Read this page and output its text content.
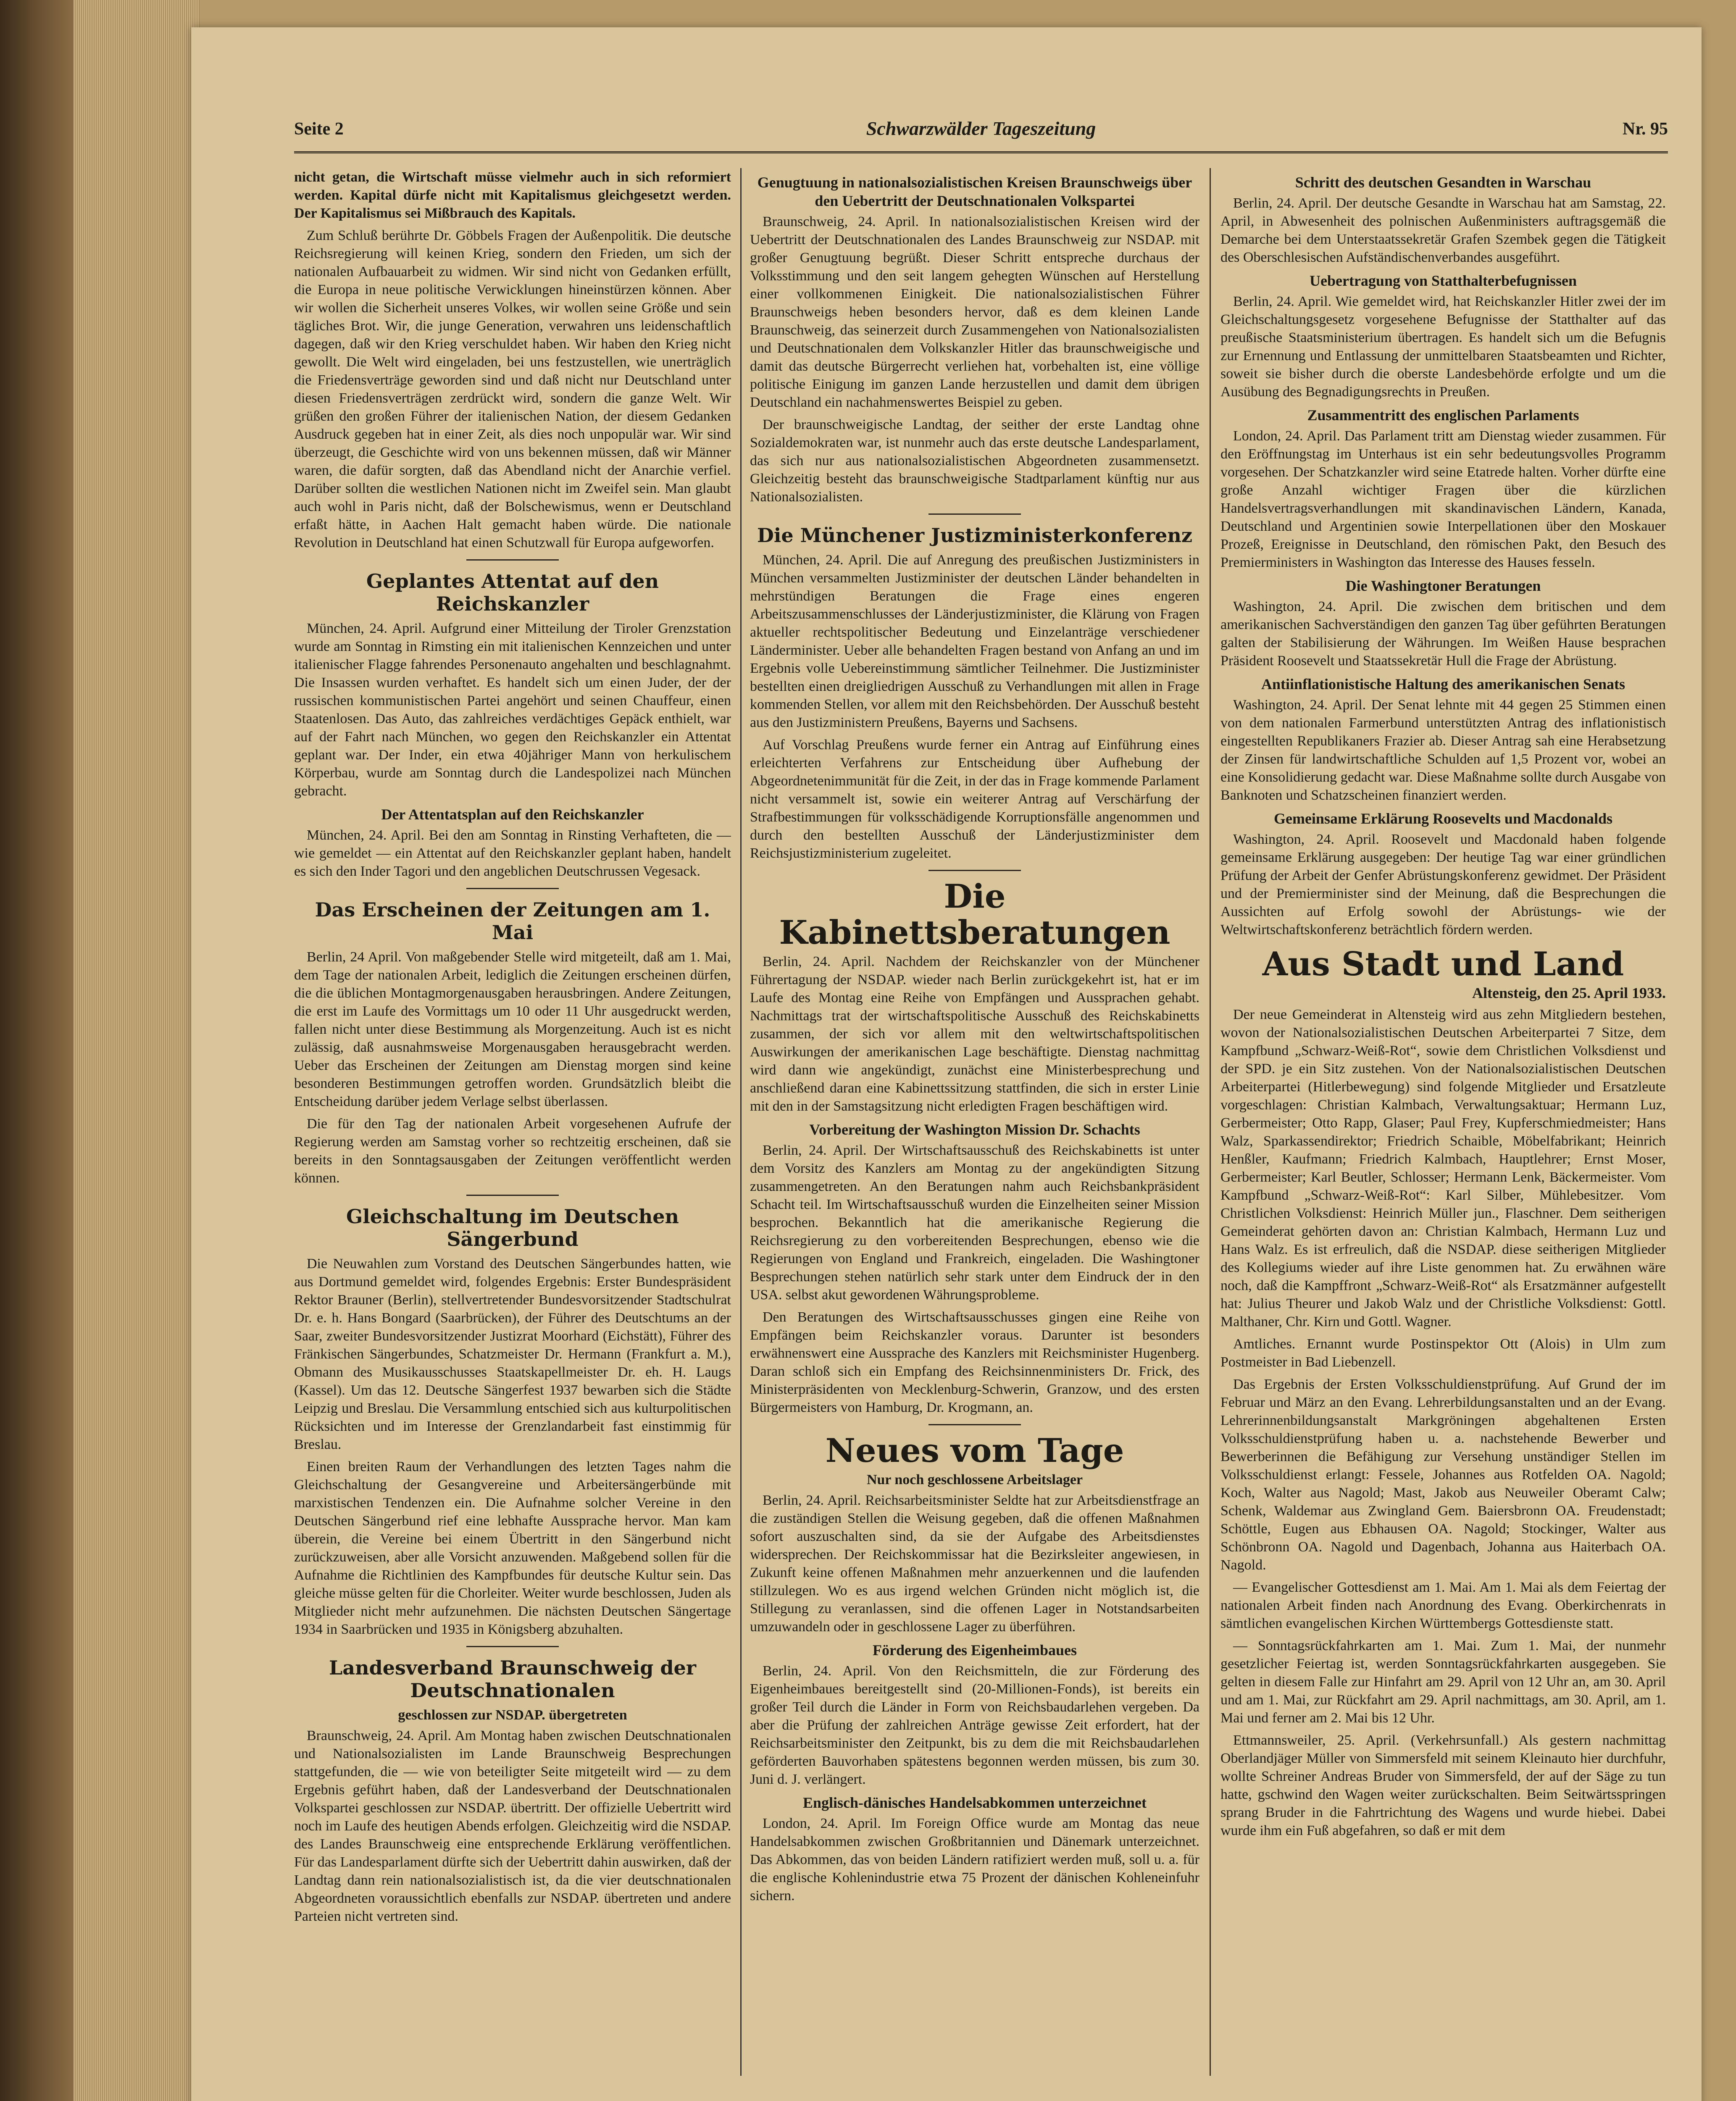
Seite 2	Schwarzwälder Tageszeitung	Nr. 95

nicht getan, die Wirtschaft müsse vielmehr auch in sich reformiert werden. Kapital dürfe nicht mit Kapitalismus gleichgesetzt werden. Der Kapitalismus sei Mißbrauch des Kapitals.

Zum Schluß berührte Dr. Göbbels Fragen der Außenpolitik. Die deutsche Reichsregierung will keinen Krieg, sondern den Frieden, um sich der nationalen Aufbauarbeit zu widmen. Wir sind nicht von Gedanken erfüllt, die Europa in neue politische Verwicklungen hineinstürzen können. Aber wir wollen die Sicherheit unseres Volkes, wir wollen seine Größe und sein tägliches Brot. Wir, die junge Generation, verwahren uns leidenschaftlich dagegen, daß wir den Krieg verschuldet haben. Wir haben den Krieg nicht gewollt. Die Welt wird eingeladen, bei uns festzustellen, wie unerträglich die Friedensverträge geworden sind und daß nicht nur Deutschland unter diesen Friedensverträgen zerdrückt wird, sondern die ganze Welt. Wir grüßen den großen Führer der italienischen Nation, der diesem Gedanken Ausdruck gegeben hat in einer Zeit, als dies noch unpopulär war. Wir sind überzeugt, die Geschichte wird von uns bekennen müssen, daß wir Männer waren, die dafür sorgten, daß das Abendland nicht der Anarchie verfiel. Darüber sollten die westlichen Nationen nicht im Zweifel sein. Man glaubt auch wohl in Paris nicht, daß der Bolschewismus, wenn er Deutschland erfaßt hätte, in Aachen Halt gemacht haben würde. Die nationale Revolution in Deutschland hat einen Schutzwall für Europa aufgeworfen.

Geplantes Attentat auf den Reichskanzler

München, 24. April. Aufgrund einer Mitteilung der Tiroler Grenzstation wurde am Sonntag in Rimsting ein mit italienischen Kennzeichen und unter italienischer Flagge fahrendes Personenauto angehalten und beschlagnahmt. Die Insassen wurden verhaftet. Es handelt sich um einen Juder, der der russischen kommunistischen Partei angehört und seinen Chauffeur, einen Staatenlosen. Das Auto, das zahlreiches verdächtiges Gepäck enthielt, war auf der Fahrt nach München, wo gegen den Reichskanzler ein Attentat geplant war. Der Inder, ein etwa 40jähriger Mann von herkulischem Körperbau, wurde am Sonntag durch die Landespolizei nach München gebracht.

Der Attentatsplan auf den Reichskanzler

München, 24. April. Bei den am Sonntag in Rinsting Verhafteten, die — wie gemeldet — ein Attentat auf den Reichskanzler geplant haben, handelt es sich den Inder Tagori und den angeblichen Deutschrussen Vegesack.

Das Erscheinen der Zeitungen am 1. Mai

Berlin, 24 April. Von maßgebender Stelle wird mitgeteilt, daß am 1. Mai, dem Tage der nationalen Arbeit, lediglich die Zeitungen erscheinen dürfen, die die üblichen Montagmorgenausgaben herausbringen. Andere Zeitungen, die erst im Laufe des Vormittags um 10 oder 11 Uhr ausgedruckt werden, fallen nicht unter diese Bestimmung als Morgenzeitung. Auch ist es nicht zulässig, daß ausnahmsweise Morgenausgaben herausgebracht werden. Ueber das Erscheinen der Zeitungen am Dienstag morgen sind keine besonderen Bestimmungen getroffen worden. Grundsätzlich bleibt die Entscheidung darüber jedem Verlage selbst überlassen.

Die für den Tag der nationalen Arbeit vorgesehenen Aufrufe der Regierung werden am Samstag vorher so rechtzeitig erscheinen, daß sie bereits in den Sonntagsausgaben der Zeitungen veröffentlicht werden können.

Gleichschaltung im Deutschen Sängerbund

Die Neuwahlen zum Vorstand des Deutschen Sängerbundes hatten, wie aus Dortmund gemeldet wird, folgendes Ergebnis: Erster Bundespräsident Rektor Brauner (Berlin), stellvertretender Bundesvorsitzender Stadtschulrat Dr. e. h. Hans Bongard (Saarbrücken), der Führer des Deutschtums an der Saar, zweiter Bundesvorsitzender Justizrat Moorhard (Eichstätt), Führer des Fränkischen Sängerbundes, Schatzmeister Dr. Hermann (Frankfurt a. M.), Obmann des Musikausschusses Staatskapellmeister Dr. eh. H. Laugs (Kassel). Um das 12. Deutsche Sängerfest 1937 bewarben sich die Städte Leipzig und Breslau. Die Versammlung entschied sich aus kulturpolitischen Rücksichten und im Interesse der Grenzlandarbeit fast einstimmig für Breslau.

Einen breiten Raum der Verhandlungen des letzten Tages nahm die Gleichschaltung der Gesangvereine und Arbeitersängerbünde mit marxistischen Tendenzen ein. Die Aufnahme solcher Vereine in den Deutschen Sängerbund rief eine lebhafte Aussprache hervor. Man kam überein, die Vereine bei einem Übertritt in den Sängerbund nicht zurückzuweisen, aber alle Vorsicht anzuwenden. Maßgebend sollen für die Aufnahme die Richtlinien des Kampfbundes für deutsche Kultur sein. Das gleiche müsse gelten für die Chorleiter. Weiter wurde beschlossen, Juden als Mitglieder nicht mehr aufzunehmen. Die nächsten Deutschen Sängertage 1934 in Saarbrücken und 1935 in Königsberg abzuhalten.

Landesverband Braunschweig der Deutschnationalen
geschlossen zur NSDAP. übergetreten

Braunschweig, 24. April. Am Montag haben zwischen Deutschnationalen und Nationalsozialisten im Lande Braunschweig Besprechungen stattgefunden, die — wie von beteiligter Seite mitgeteilt wird — zu dem Ergebnis geführt haben, daß der Landesverband der Deutschnationalen Volkspartei geschlossen zur NSDAP. übertritt. Der offizielle Uebertritt wird noch im Laufe des heutigen Abends erfolgen. Gleichzeitig wird die NSDAP. des Landes Braunschweig eine entsprechende Erklärung veröffentlichen. Für das Landesparlament dürfte sich der Uebertritt dahin auswirken, daß der Landtag dann rein nationalsozialistisch ist, da die vier deutschnationalen Abgeordneten voraussichtlich ebenfalls zur NSDAP. übertreten und andere Parteien nicht vertreten sind.

Genugtuung in nationalsozialistischen Kreisen Braunschweigs über den Uebertritt der Deutschnationalen Volkspartei

Braunschweig, 24. April. In nationalsozialistischen Kreisen wird der Uebertritt der Deutschnationalen des Landes Braunschweig zur NSDAP. mit großer Genugtuung begrüßt. Dieser Schritt entspreche durchaus der Volksstimmung und den seit langem gehegten Wünschen auf Herstellung einer vollkommenen Einigkeit. Die nationalsozialistischen Führer Braunschweigs heben besonders hervor, daß es dem kleinen Lande Braunschweig, das seinerzeit durch Zusammengehen von Nationalsozialisten und Deutschnationalen dem Volkskanzler Hitler das braunschweigische und damit das deutsche Bürgerrecht verliehen hat, vorbehalten ist, eine völlige politische Einigung im ganzen Lande herzustellen und damit dem übrigen Deutschland ein nachahmenswertes Beispiel zu geben.

Der braunschweigische Landtag, der seither der erste Landtag ohne Sozialdemokraten war, ist nunmehr auch das erste deutsche Landesparlament, das sich nur aus nationalsozialistischen Abgeordneten zusammensetzt. Gleichzeitig besteht das braunschweigische Stadtparlament künftig nur aus Nationalsozialisten.

Die Münchener Justizministerkonferenz

München, 24. April. Die auf Anregung des preußischen Justizministers in München versammelten Justizminister der deutschen Länder behandelten in mehrstündigen Beratungen die Frage eines engeren Arbeitszusammenschlusses der Länderjustizminister, die Klärung von Fragen aktueller rechtspolitischer Bedeutung und Einzelanträge verschiedener Länderminister. Ueber alle behandelten Fragen bestand von Anfang an und im Ergebnis volle Uebereinstimmung sämtlicher Teilnehmer. Die Justizminister bestellten einen dreigliedrigen Ausschuß zu Verhandlungen mit allen in Frage kommenden Stellen, vor allem mit den Reichsbehörden. Der Ausschuß besteht aus den Justizministern Preußens, Bayerns und Sachsens.

Auf Vorschlag Preußens wurde ferner ein Antrag auf Einführung eines erleichterten Verfahrens zur Entscheidung über Aufhebung der Abgeordnetenimmunität für die Zeit, in der das in Frage kommende Parlament nicht versammelt ist, sowie ein weiterer Antrag auf Verschärfung der Strafbestimmungen für volksschädigende Korruptionsfälle angenommen und durch den bestellten Ausschuß der Länderjustizminister dem Reichsjustizministerium zugeleitet.

Die Kabinettsberatungen

Berlin, 24. April. Nachdem der Reichskanzler von der Münchener Führertagung der NSDAP. wieder nach Berlin zurückgekehrt ist, hat er im Laufe des Montag eine Reihe von Empfängen und Aussprachen gehabt. Nachmittags trat der wirtschaftspolitische Ausschuß des Reichskabinetts zusammen, der sich vor allem mit den weltwirtschaftspolitischen Auswirkungen der amerikanischen Lage beschäftigte. Dienstag nachmittag wird dann wie angekündigt, zunächst eine Ministerbesprechung und anschließend daran eine Kabinettssitzung stattfinden, die sich in erster Linie mit den in der Samstagsitzung nicht erledigten Fragen beschäftigen wird.

Vorbereitung der Washington Mission Dr. Schachts

Berlin, 24. April. Der Wirtschaftsausschuß des Reichskabinetts ist unter dem Vorsitz des Kanzlers am Montag zu der angekündigten Sitzung zusammengetreten. An den Beratungen nahm auch Reichsbankpräsident Schacht teil. Im Wirtschaftsausschuß wurden die Einzelheiten seiner Mission besprochen. Bekanntlich hat die amerikanische Regierung die Reichsregierung zu den vorbereitenden Besprechungen, ebenso wie die Regierungen von England und Frankreich, eingeladen. Die Washingtoner Besprechungen stehen natürlich sehr stark unter dem Eindruck der in den USA. selbst akut gewordenen Währungsprobleme.

Den Beratungen des Wirtschaftsausschusses gingen eine Reihe von Empfängen beim Reichskanzler voraus. Darunter ist besonders erwähnenswert eine Aussprache des Kanzlers mit Reichsminister Hugenberg. Daran schloß sich ein Empfang des Reichsinnenministers Dr. Frick, des Ministerpräsidenten von Mecklenburg-Schwerin, Granzow, und des ersten Bürgermeisters von Hamburg, Dr. Krogmann, an.

Neues vom Tage
Nur noch geschlossene Arbeitslager

Berlin, 24. April. Reichsarbeitsminister Seldte hat zur Arbeitsdienstfrage an die zuständigen Stellen die Weisung gegeben, daß die offenen Maßnahmen sofort auszuschalten sind, da sie der Aufgabe des Arbeitsdienstes widersprechen. Der Reichskommissar hat die Bezirksleiter angewiesen, in Zukunft keine offenen Maßnahmen mehr anzuerkennen und die laufenden stillzulegen. Wo es aus irgend welchen Gründen nicht möglich ist, die Stillegung zu veranlassen, sind die offenen Lager in Notstandsarbeiten umzuwandeln oder in geschlossene Lager zu überführen.

Förderung des Eigenheimbaues

Berlin, 24. April. Von den Reichsmitteln, die zur Förderung des Eigenheimbaues bereitgestellt sind (20-Millionen-Fonds), ist bereits ein großer Teil durch die Länder in Form von Reichsbaudarlehen vergeben. Da aber die Prüfung der zahlreichen Anträge gewisse Zeit erfordert, hat der Reichsarbeitsminister den Zeitpunkt, bis zu dem die mit Reichsbaudarlehen geförderten Bauvorhaben spätestens begonnen werden müssen, bis zum 30. Juni d. J. verlängert.

Englisch-dänisches Handelsabkommen unterzeichnet

London, 24. April. Im Foreign Office wurde am Montag das neue Handelsabkommen zwischen Großbritannien und Dänemark unterzeichnet. Das Abkommen, das von beiden Ländern ratifiziert werden muß, soll u. a. für die englische Kohlenindustrie etwa 75 Prozent der dänischen Kohleneinfuhr sichern.

Schritt des deutschen Gesandten in Warschau

Berlin, 24. April. Der deutsche Gesandte in Warschau hat am Samstag, 22. April, in Abwesenheit des polnischen Außenministers auftragsgemäß die Demarche bei dem Unterstaatssekretär Grafen Szembek gegen die Tätigkeit des Oberschlesischen Aufständischenverbandes ausgeführt.

Uebertragung von Statthalterbefugnissen

Berlin, 24. April. Wie gemeldet wird, hat Reichskanzler Hitler zwei der im Gleichschaltungsgesetz vorgesehene Befugnisse der Statthalter auf das preußische Staatsministerium übertragen. Es handelt sich um die Befugnis zur Ernennung und Entlassung der unmittelbaren Staatsbeamten und Richter, soweit sie bisher durch die oberste Landesbehörde erfolgte und um die Ausübung des Begnadigungsrechts in Preußen.

Zusammentritt des englischen Parlaments

London, 24. April. Das Parlament tritt am Dienstag wieder zusammen. Für den Eröffnungstag im Unterhaus ist ein sehr bedeutungsvolles Programm vorgesehen. Der Schatzkanzler wird seine Etatrede halten. Vorher dürfte eine große Anzahl wichtiger Fragen über die kürzlichen Handelsvertragsverhandlungen mit skandinavischen Ländern, Kanada, Deutschland und Argentinien sowie Interpellationen über den Moskauer Prozeß, Ereignisse in Deutschland, den römischen Pakt, den Besuch des Premierministers in Washington das Interesse des Hauses fesseln.

Die Washingtoner Beratungen

Washington, 24. April. Die zwischen dem britischen und dem amerikanischen Sachverständigen den ganzen Tag über geführten Beratungen galten der Stabilisierung der Währungen. Im Weißen Hause besprachen Präsident Roosevelt und Staatssekretär Hull die Frage der Abrüstung.

Antiinflationistische Haltung des amerikanischen Senats

Washington, 24. April. Der Senat lehnte mit 44 gegen 25 Stimmen einen von dem nationalen Farmerbund unterstützten Antrag des inflationistisch eingestellten Republikaners Frazier ab. Dieser Antrag sah eine Herabsetzung der Zinsen für landwirtschaftliche Schulden auf 1,5 Prozent vor, wobei an eine Konsolidierung gedacht war. Diese Maßnahme sollte durch Ausgabe von Banknoten und Schatzscheinen finanziert werden.

Gemeinsame Erklärung Roosevelts und Macdonalds

Washington, 24. April. Roosevelt und Macdonald haben folgende gemeinsame Erklärung ausgegeben: Der heutige Tag war einer gründlichen Prüfung der Arbeit der Genfer Abrüstungskonferenz gewidmet. Der Präsident und der Premierminister sind der Meinung, daß die Besprechungen die Aussichten auf Erfolg sowohl der Abrüstungs- wie der Weltwirtschaftskonferenz beträchtlich fördern werden.

Aus Stadt und Land
Altensteig, den 25. April 1933.

Der neue Gemeinderat in Altensteig wird aus zehn Mitgliedern bestehen, wovon der Nationalsozialistischen Deutschen Arbeiterpartei 7 Sitze, dem Kampfbund „Schwarz-Weiß-Rot“, sowie dem Christlichen Volksdienst und der SPD. je ein Sitz zustehen. Von der Nationalsozialistischen Deutschen Arbeiterpartei (Hitlerbewegung) sind folgende Mitglieder und Ersatzleute vorgeschlagen: Christian Kalmbach, Verwaltungsaktuar; Hermann Luz, Gerbermeister; Otto Rapp, Glaser; Paul Frey, Kupferschmiedmeister; Hans Walz, Sparkassendirektor; Friedrich Schaible, Möbelfabrikant; Heinrich Henßler, Kaufmann; Friedrich Kalmbach, Hauptlehrer; Ernst Moser, Gerbermeister; Karl Beutler, Schlosser; Hermann Lenk, Bäckermeister. Vom Kampfbund „Schwarz-Weiß-Rot“: Karl Silber, Mühlebesitzer. Vom Christlichen Volksdienst: Heinrich Müller jun., Flaschner. Dem seitherigen Gemeinderat gehörten davon an: Christian Kalmbach, Hermann Luz und Hans Walz. Es ist erfreulich, daß die NSDAP. diese seitherigen Mitglieder des Kollegiums wieder auf ihre Liste genommen hat. Zu erwähnen wäre noch, daß die Kampffront „Schwarz-Weiß-Rot“ als Ersatzmänner aufgestellt hat: Julius Theurer und Jakob Walz und der Christliche Volksdienst: Gottl. Malthaner, Chr. Kirn und Gottl. Wagner.

Amtliches. Ernannt wurde Postinspektor Ott (Alois) in Ulm zum Postmeister in Bad Liebenzell.

Das Ergebnis der Ersten Volksschuldienstprüfung. Auf Grund der im Februar und März an den Evang. Lehrerbildungsanstalten und an der Evang. Lehrerinnenbildungsanstalt Markgröningen abgehaltenen Ersten Volksschuldienstprüfung haben u. a. nachstehende Bewerber und Bewerberinnen die Befähigung zur Versehung unständiger Stellen im Volksschuldienst erlangt: Fessele, Johannes aus Rotfelden OA. Nagold; Koch, Walter aus Nagold; Mast, Jakob aus Neuweiler Oberamt Calw; Schenk, Waldemar aus Zwingland Gem. Baiersbronn OA. Freudenstadt; Schöttle, Eugen aus Ebhausen OA. Nagold; Stockinger, Walter aus Schönbronn OA. Nagold und Dagenbach, Johanna aus Haiterbach OA. Nagold.

— Evangelischer Gottesdienst am 1. Mai. Am 1. Mai als dem Feiertag der nationalen Arbeit finden nach Anordnung des Evang. Oberkirchenrats in sämtlichen evangelischen Kirchen Württembergs Gottesdienste statt.

— Sonntagsrückfahrkarten am 1. Mai. Zum 1. Mai, der nunmehr gesetzlicher Feiertag ist, werden Sonntagsrückfahrkarten ausgegeben. Sie gelten in diesem Falle zur Hinfahrt am 29. April von 12 Uhr an, am 30. April und am 1. Mai, zur Rückfahrt am 29. April nachmittags, am 30. April, am 1. Mai und ferner am 2. Mai bis 12 Uhr.

Ettmannsweiler, 25. April. (Verkehrsunfall.) Als gestern nachmittag Oberlandjäger Müller von Simmersfeld mit seinem Kleinauto hier durchfuhr, wollte Schreiner Andreas Bruder von Simmersfeld, der auf der Säge zu tun hatte, gschwind den Wagen weiter zurückschalten. Beim Seitwärtsspringen sprang Bruder in die Fahrtrichtung des Wagens und wurde hiebei. Dabei wurde ihm ein Fuß abgefahren, so daß er mit dem
